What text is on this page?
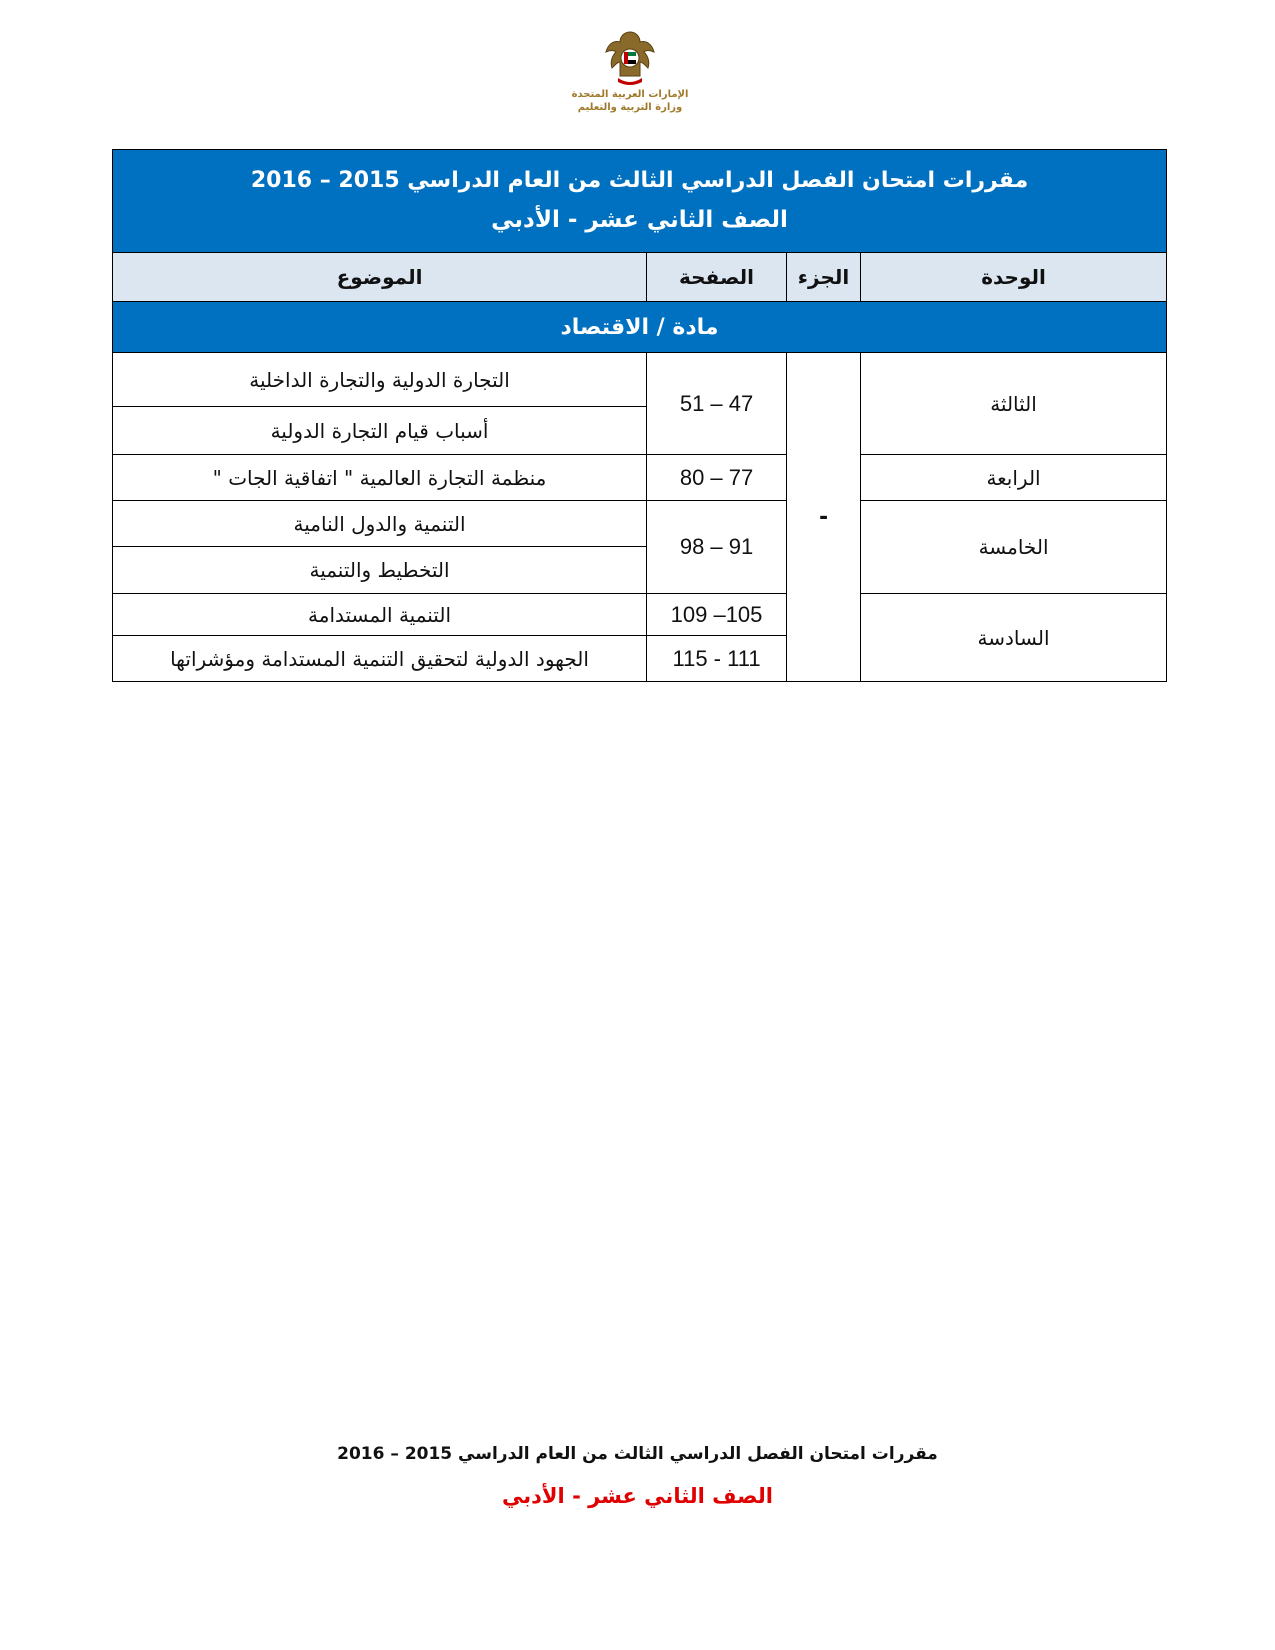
الإمارات العربية المتحدة
وزارة التربية والتعليم
مقررات امتحان الفصل الدراسي الثالث من العام الدراسي 2015 – 2016
الصف الثاني عشر - الأدبي			

الوحدة	الجزء	الصفحة	الموضوع
مادة / الاقتصاد			
الثالثة	-	51 – 47	التجارة الدولية والتجارة الداخلية
			أسباب قيام التجارة الدولية
الرابعة		80 – 77	منظمة التجارة العالمية " اتفاقية الجات "
الخامسة		98 – 91	التنمية والدول النامية
			التخطيط والتنمية
السادسة		109 –105	التنمية المستدامة
		115 - 111	الجهود الدولية لتحقيق التنمية المستدامة ومؤشراتها
مقررات امتحان الفصل الدراسي الثالث من العام الدراسي 2015 – 2016
الصف الثاني عشر - الأدبي
